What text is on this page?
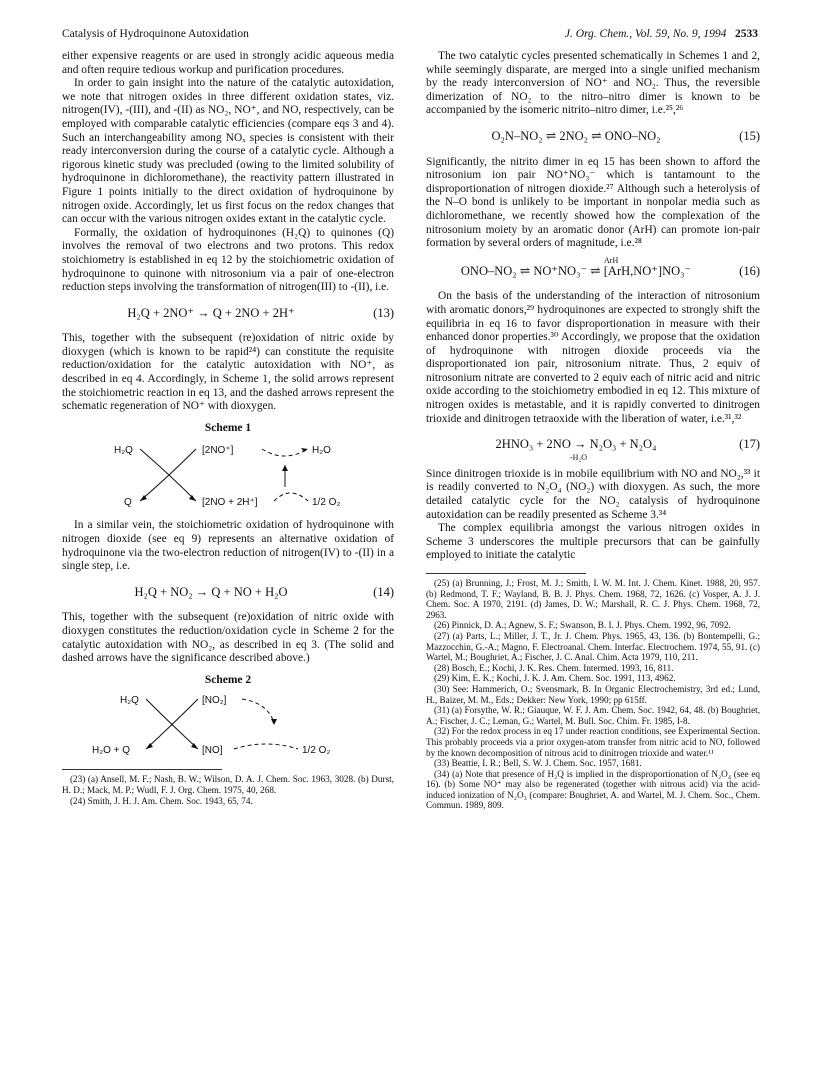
Catalysis of Hydroquinone Autoxidation	J. Org. Chem., Vol. 59, No. 9, 1994 2533

either expensive reagents or are used in strongly acidic aqueous media and often require tedious workup and purification procedures.

In order to gain insight into the nature of the catalytic autoxidation, we note that nitrogen oxides in three different oxidation states, viz. nitrogen(IV), -(III), and -(II) as NO₂, NO⁺, and NO, respectively, can be employed with comparable catalytic efficiencies (compare eqs 3 and 4). Such an interchangeability among NOₓ species is consistent with their ready interconversion during the course of a catalytic cycle. Although a rigorous kinetic study was precluded (owing to the limited solubility of hydroquinone in dichloromethane), the reactivity pattern illustrated in Figure 1 points initially to the direct oxidation of hydroquinone by nitrogen oxide. Accordingly, let us first focus on the redox changes that can occur with the various nitrogen oxides extant in the catalytic cycle.

Formally, the oxidation of hydroquinones (H₂Q) to quinones (Q) involves the removal of two electrons and two protons. This redox stoichiometry is established in eq 12 by the stoichiometric oxidation of hydroquinone to quinone with nitrosonium via a pair of one-electron reduction steps involving the transformation of nitrogen(III) to -(II), i.e.

H₂Q + 2NO⁺ → Q + 2NO + 2H⁺	(13)

This, together with the subsequent (re)oxidation of nitric oxide by dioxygen (which is known to be rapid²⁴) can constitute the requisite reduction/oxidation for the catalytic autoxidation with NO⁺, as described in eq 4. Accordingly, in Scheme 1, the solid arrows represent the stoichiometric reaction in eq 13, and the dashed arrows represent the schematic regeneration of NO⁺ with dioxygen.

Scheme 1
H₂Q
Q
[2NO⁺]
[2NO + 2H⁺]
H₂O
1/2 O₂

In a similar vein, the stoichiometric oxidation of hydroquinone with nitrogen dioxide (see eq 9) represents an alternative oxidation of hydroquinone via the two-electron reduction of nitrogen(IV) to -(II) in a single step, i.e.

H₂Q + NO₂ → Q + NO + H₂O	(14)

This, together with the subsequent (re)oxidation of nitric oxide with dioxygen constitutes the reduction/oxidation cycle in Scheme 2 for the catalytic autoxidation with NO₂, as described in eq 3. (The solid and dashed arrows have the significance described above.)

Scheme 2
H₂Q
H₂O + Q
[NO₂]
[NO]	1/2 O₂

(23) (a) Ansell, M. F.; Nash, B. W.; Wilson, D. A. J. Chem. Soc. 1963, 3028. (b) Durst, H. D.; Mack, M. P.; Wudl, F. J. Org. Chem. 1975, 40, 268.

(24) Smith, J. H. J. Am. Chem. Soc. 1943, 65, 74.

The two catalytic cycles presented schematically in Schemes 1 and 2, while seemingly disparate, are merged into a single unified mechanism by the ready interconversion of NO⁺ and NO₂. Thus, the reversible dimerization of NO₂ to the nitro–nitro dimer is known to be accompanied by the isomeric nitrito–nitro dimer, i.e.²⁵,²⁶

O₂N–NO₂ ⇌ 2NO₂ ⇌ ONO–NO₂	(15)

Significantly, the nitrito dimer in eq 15 has been shown to afford the nitrosonium ion pair NO⁺NO₃⁻ which is tantamount to the disproportionation of nitrogen dioxide.²⁷ Although such a heterolysis of the N–O bond is unlikely to be important in nonpolar media such as dichloromethane, we recently showed how the complexation of the nitrosonium moiety by an aromatic donor (ArH) can promote ion-pair formation by several orders of magnitude, i.e.²⁸

ArH
ONO–NO₂ ⇌ NO⁺NO₃⁻ ⇌ [ArH,NO⁺]NO₃⁻	(16)

On the basis of the understanding of the interaction of nitrosonium with aromatic donors,²⁹ hydroquinones are expected to strongly shift the equilibria in eq 16 to favor disproportionation in measure with their enhanced donor properties.³⁰ Accordingly, we propose that the oxidation of hydroquinone with nitrogen dioxide proceeds via the disproportionated ion pair, nitrosonium nitrate. Thus, 2 equiv of nitrosonium nitrate are converted to 2 equiv each of nitric acid and nitric oxide according to the stoichiometry embodied in eq 12. This mixture of nitrogen oxides is metastable, and it is rapidly converted to dinitrogen trioxide and dinitrogen tetraoxide with the liberation of water, i.e.³¹,³²

2HNO₃ + 2NO → N₂O₃ + N₂O₄
-H₂O
(17)

Since dinitrogen trioxide is in mobile equilibrium with NO and NO₂,³³ it is readily converted to N₂O₄ (NO₂) with dioxygen. As such, the more detailed catalytic cycle for the NO₂ catalysis of hydroquinone autoxidation can be readily presented as Scheme 3.³⁴

The complex equilibria amongst the various nitrogen oxides in Scheme 3 underscores the multiple precursors that can be gainfully employed to initiate the catalytic

(25) (a) Brunning, J.; Frost, M. J.; Smith, I. W. M. Int. J. Chem. Kinet. 1988, 20, 957. (b) Redmond, T. F.; Wayland, B. B. J. Phys. Chem. 1968, 72, 1626. (c) Vosper, A. J. J. Chem. Soc. A 1970, 2191. (d) James, D. W.; Marshall, R. C. J. Phys. Chem. 1968, 72, 2963.

(26) Pinnick, D. A.; Agnew, S. F.; Swanson, B. I. J. Phys. Chem. 1992, 96, 7092.

(27) (a) Parts, L.; Miller, J. T., Jr. J. Chem. Phys. 1965, 43, 136. (b) Bontempelli, G.; Mazzocchin, G.-A.; Magno, F. Electroanal. Chem. Interfac. Electrochem. 1974, 55, 91. (c) Wartel, M.; Boughriet, A.; Fischer, J. C. Anal. Chim. Acta 1979, 110, 211.

(28) Bosch, E.; Kochi, J. K. Res. Chem. Intermed. 1993, 16, 811.

(29) Kim, E. K.; Kochi, J. K. J. Am. Chem. Soc. 1991, 113, 4962.

(30) See: Hammerich, O.; Svensmark, B. In Organic Electrochemistry, 3rd ed.; Lund, H., Baizer, M. M., Eds.; Dekker: New York, 1990; pp 615ff.

(31) (a) Forsythe, W. R.; Giauque, W. F. J. Am. Chem. Soc. 1942, 64, 48. (b) Boughriet, A.; Fischer, J. C.; Leman, G.; Wartel, M. Bull. Soc. Chim. Fr. 1985, I-8.

(32) For the redox process in eq 17 under reaction conditions, see Experimental Section. This probably proceeds via a prior oxygen-atom transfer from nitric acid to NO, followed by the known decomposition of nitrous acid to dinitrogen trioxide and water.¹¹

(33) Beattie, I. R.; Bell, S. W. J. Chem. Soc. 1957, 1681.

(34) (a) Note that presence of H₂Q is implied in the disproportionation of N₂O₄ (see eq 16). (b) Some NO⁺ may also be regenerated (together with nitrous acid) via the acid-induced ionization of N₂O₃ (compare: Boughriet, A. and Wartel, M. J. Chem. Soc., Chem. Commun. 1989, 809.
